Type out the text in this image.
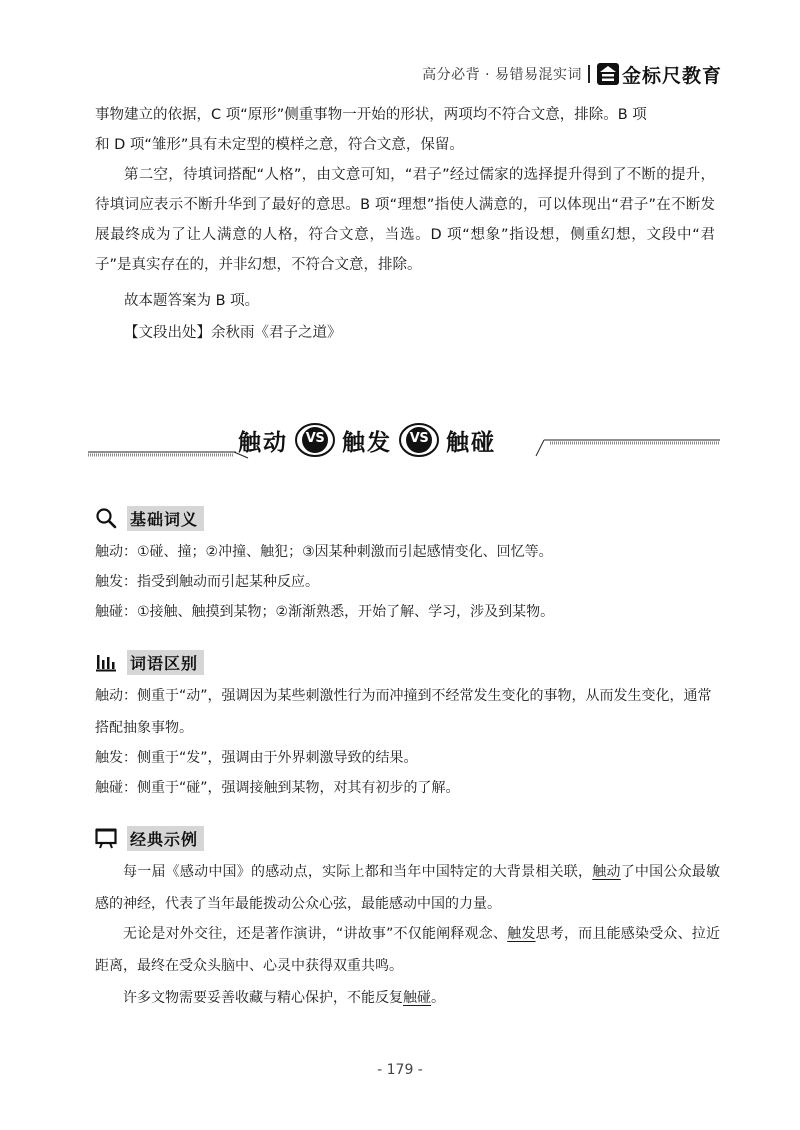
高分必背 · 易错易混实词 金标尺教育

事物建立的依据，C 项“原形”侧重事物一开始的形状，两项均不符合文意，排除。B 项

和 D 项“雏形”具有未定型的模样之意，符合文意，保留。

第二空，待填词搭配“人格”，由文意可知，“君子”经过儒家的选择提升得到了不断的提升，待填词应表示不断升华到了最好的意思。B 项“理想”指使人满意的，可以体现出“君子”在不断发展最终成为了让人满意的人格，符合文意，当选。D 项“想象”指设想，侧重幻想，文段中“君子”是真实存在的，并非幻想，不符合文意，排除。

故本题答案为 B 项。

【文段出处】余秋雨《君子之道》

触动	VS 触发	VS 触碰
基础词义

触动：①碰、撞；②冲撞、触犯；③因某种刺激而引起感情变化、回忆等。

触发：指受到触动而引起某种反应。

触碰：①接触、触摸到某物；②渐渐熟悉，开始了解、学习，涉及到某物。

词语区别

触动：侧重于“动”，强调因为某些刺激性行为而冲撞到不经常发生变化的事物，从而发生变化，通常搭配抽象事物。

触发：侧重于“发”，强调由于外界刺激导致的结果。

触碰：侧重于“碰”，强调接触到某物，对其有初步的了解。

经典示例

每一届《感动中国》的感动点，实际上都和当年中国特定的大背景相关联，触动了中国公众最敏感的神经，代表了当年最能拨动公众心弦，最能感动中国的力量。

无论是对外交往，还是著作演讲，“讲故事”不仅能阐释观念、触发思考，而且能感染受众、拉近距离，最终在受众头脑中、心灵中获得双重共鸣。

许多文物需要妥善收藏与精心保护，不能反复触碰。

- 179 -
